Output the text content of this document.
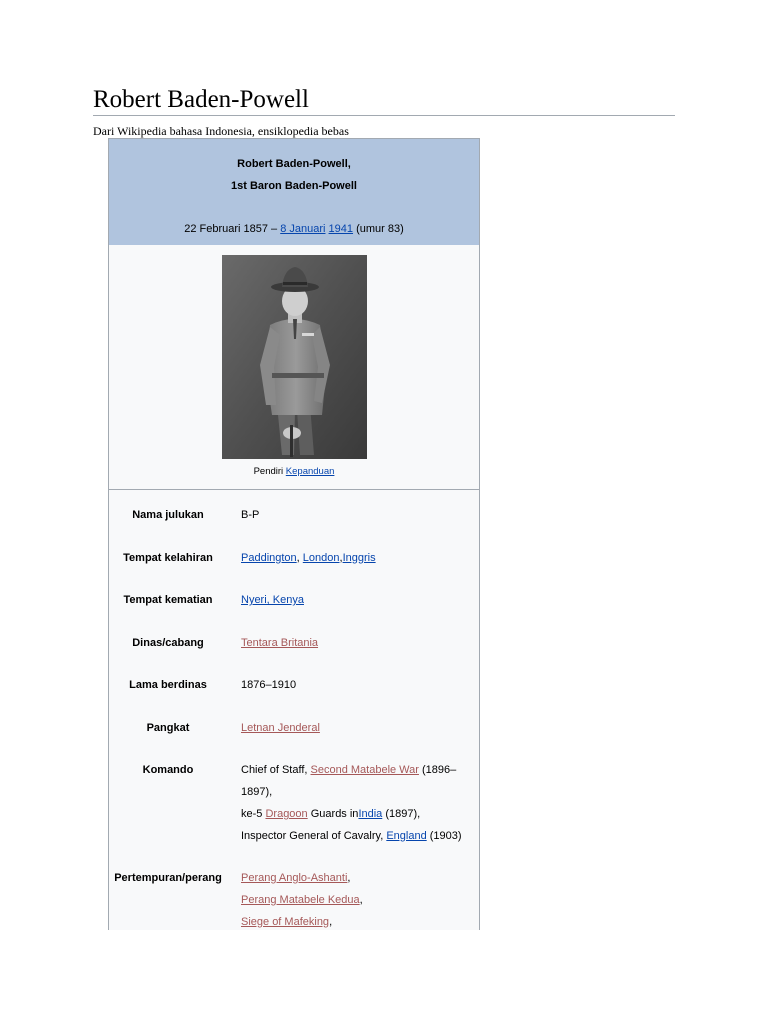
Robert Baden-Powell
Dari Wikipedia bahasa Indonesia, ensiklopedia bebas
Robert Baden-Powell,
1st Baron Baden-Powell
22 Februari 1857 – 8 Januari 1941 (umur 83)
Pendiri Kepanduan
Nama julukan	B-P
Tempat kelahiran	Paddington, London,Inggris
Tempat kematian	Nyeri, Kenya
Dinas/cabang	Tentara Britania
Lama berdinas	1876–1910
Pangkat	Letnan Jenderal
Komando	Chief of Staff, Second Matabele War (1896–1897),
ke-5 Dragoon Guards inIndia (1897),
Inspector General of Cavalry, England (1903)
Pertempuran/perang	Perang Anglo-Ashanti,
Perang Matabele Kedua,
Siege of Mafeking,
